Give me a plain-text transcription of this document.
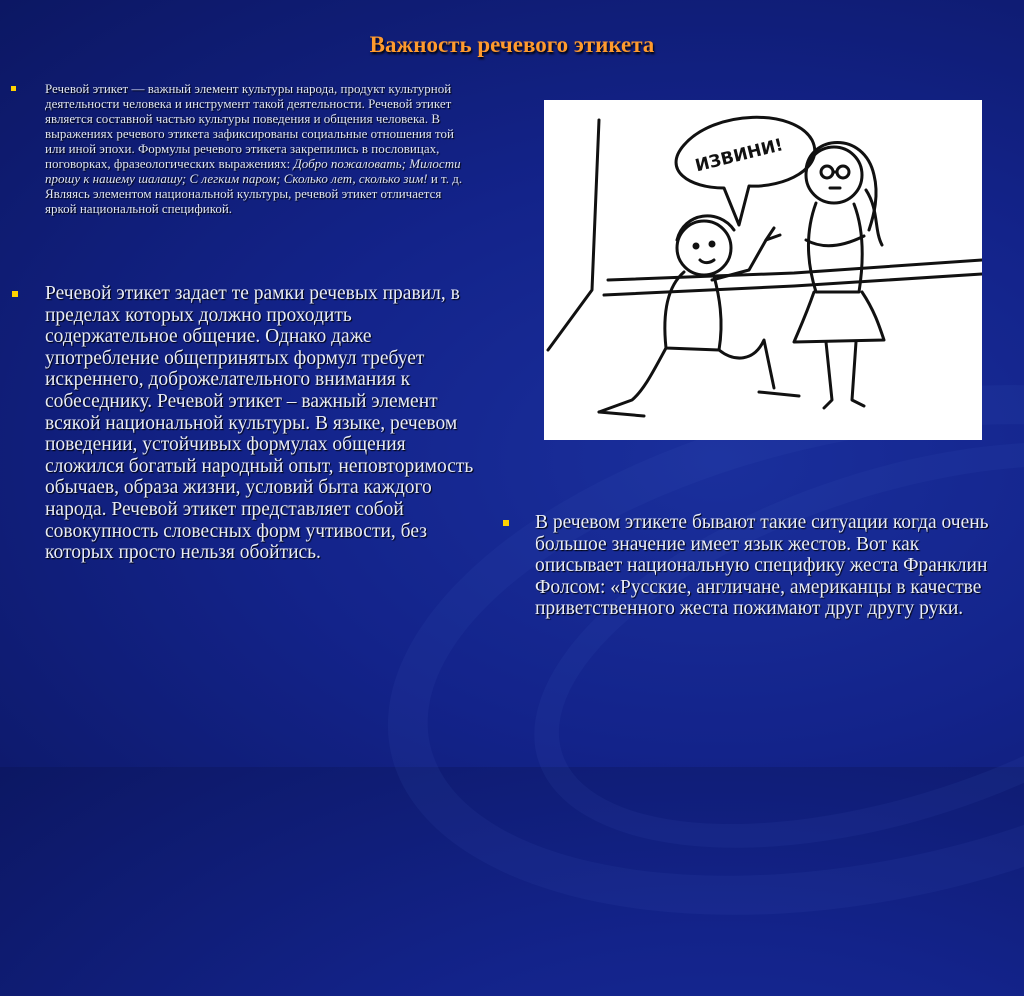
Важность речевого этикета
Речевой этикет — важный элемент культуры народа, продукт культурной деятельности человека и инструмент такой деятельности. Речевой этикет является составной частью культуры поведения и общения человека. В выражениях речевого этикета зафиксированы социальные отношения той или иной эпохи. Формулы речевого этикета закрепились в пословицах, поговорках, фразеологических выражениях: Добро пожаловать; Милости прошу к нашему шалашу; С легким паром; Сколько лет, сколько зим! и т. д. Являясь элементом национальной культуры, речевой этикет отличается яркой национальной спецификой.
Речевой этикет задает те рамки речевых правил, в пределах которых должно проходить содержательное общение. Однако даже употребление общепринятых формул требует искреннего, доброжелательного внимания к собеседнику. Речевой этикет – важный элемент всякой национальной культуры. В языке, речевом поведении, устойчивых формулах общения сложился богатый народный опыт, неповторимость обычаев, образа жизни, условий быта каждого народа. Речевой этикет представляет собой совокупность словесных форм учтивости, без которых просто нельзя обойтись.
ИЗВИНИ!
В речевом этикете бывают такие ситуации когда очень большое значение имеет язык жестов. Вот как описывает национальную специфику жеста Франклин Фолсом: «Русские, англичане, американцы в качестве приветственного жеста пожимают друг другу руки.
